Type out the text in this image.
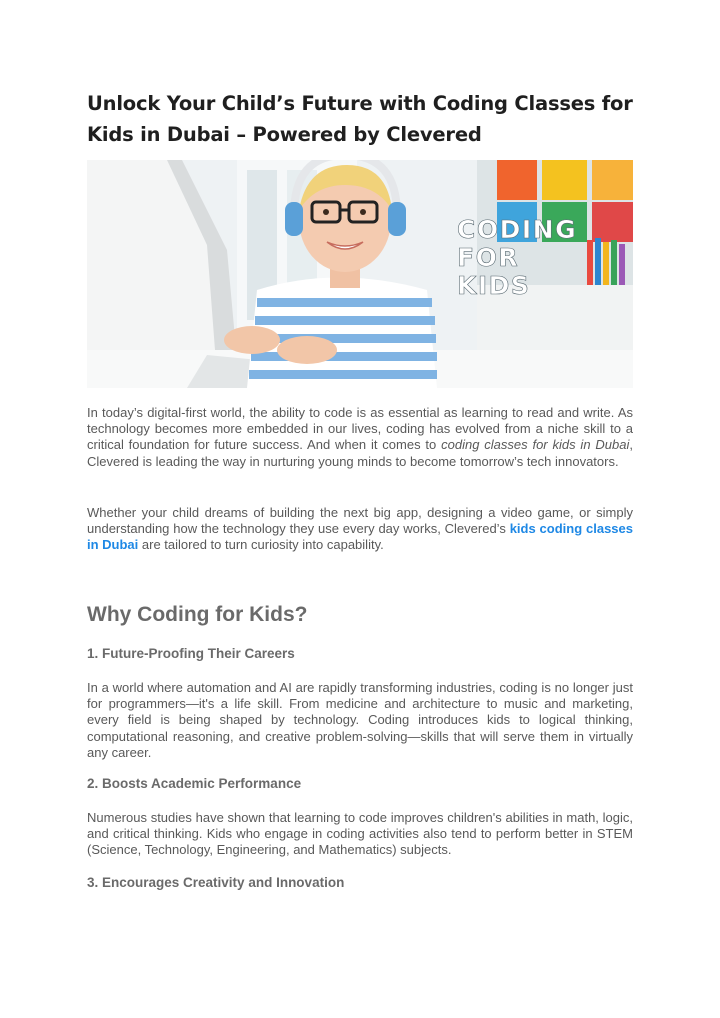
Unlock Your Child’s Future with Coding Classes for Kids in Dubai – Powered by Clevered
CODING
FOR
KIDS

In today’s digital-first world, the ability to code is as essential as learning to read and write. As technology becomes more embedded in our lives, coding has evolved from a niche skill to a critical foundation for future success. And when it comes to coding classes for kids in Dubai, Clevered is leading the way in nurturing young minds to become tomorrow’s tech innovators.

Whether your child dreams of building the next big app, designing a video game, or simply understanding how the technology they use every day works, Clevered’s kids coding classes in Dubai are tailored to turn curiosity into capability.

Why Coding for Kids?
1. Future-Proofing Their Careers

In a world where automation and AI are rapidly transforming industries, coding is no longer just for programmers—it's a life skill. From medicine and architecture to music and marketing, every field is being shaped by technology. Coding introduces kids to logical thinking, computational reasoning, and creative problem-solving—skills that will serve them in virtually any career.

2. Boosts Academic Performance

Numerous studies have shown that learning to code improves children's abilities in math, logic, and critical thinking. Kids who engage in coding activities also tend to perform better in STEM (Science, Technology, Engineering, and Mathematics) subjects.

3. Encourages Creativity and Innovation
